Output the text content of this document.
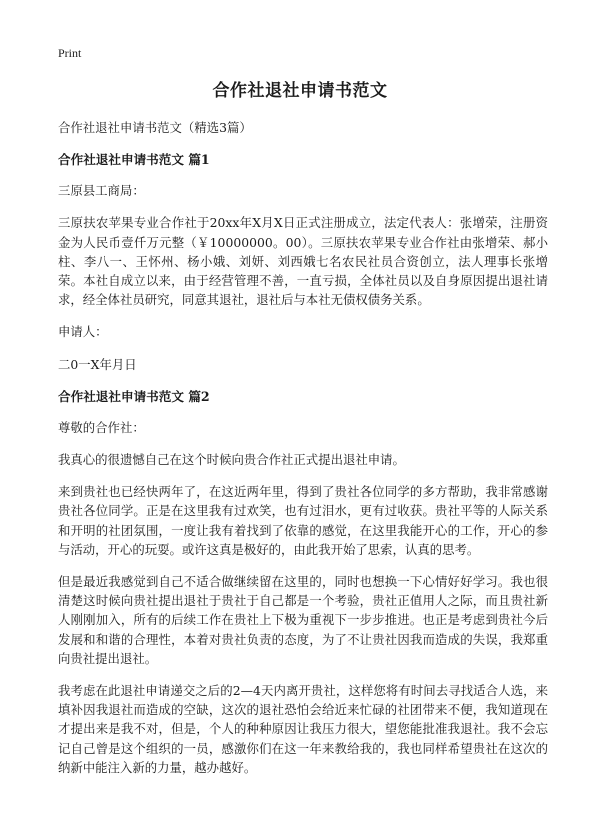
Print
合作社退社申请书范文

合作社退社申请书范文（精选3篇）

合作社退社申请书范文 篇1

三原县工商局：

三原扶农苹果专业合作社于20xx年X月X日正式注册成立，法定代表人：张增荣，注册资金为人民币壹仟万元整（￥10000000。00）。三原扶农苹果专业合作社由张增荣、郝小柱、李八一、王怀州、杨小娥、刘妍、刘西娥七名农民社员合资创立，法人理事长张增荣。本社自成立以来，由于经营管理不善，一直亏损，全体社员以及自身原因提出退社请求，经全体社员研究，同意其退社，退社后与本社无债权债务关系。

申请人：

二0一X年月日

合作社退社申请书范文 篇2

尊敬的合作社：

我真心的很遗憾自己在这个时候向贵合作社正式提出退社申请。

来到贵社也已经快两年了，在这近两年里，得到了贵社各位同学的多方帮助，我非常感谢贵社各位同学。正是在这里我有过欢笑，也有过泪水，更有过收获。贵社平等的人际关系和开明的社团氛围，一度让我有着找到了依靠的感觉，在这里我能开心的工作，开心的参与活动，开心的玩耍。或许这真是极好的，由此我开始了思索，认真的思考。

但是最近我感觉到自己不适合做继续留在这里的，同时也想换一下心情好好学习。我也很清楚这时候向贵社提出退社于贵社于自己都是一个考验，贵社正值用人之际，而且贵社新人刚刚加入，所有的后续工作在贵社上下极为重视下一步步推进。也正是考虑到贵社今后发展和和谐的合理性，本着对贵社负责的态度，为了不让贵社因我而造成的失误，我郑重向贵社提出退社。

我考虑在此退社申请递交之后的2—4天内离开贵社，这样您将有时间去寻找适合人选，来填补因我退社而造成的空缺，这次的退社恐怕会给近来忙碌的社团带来不便，我知道现在才提出来是我不对，但是，个人的种种原因让我压力很大，望您能批准我退社。我不会忘记自己曾是这个组织的一员，感激你们在这一年来教给我的，我也同样希望贵社在这次的纳新中能注入新的力量，越办越好。
